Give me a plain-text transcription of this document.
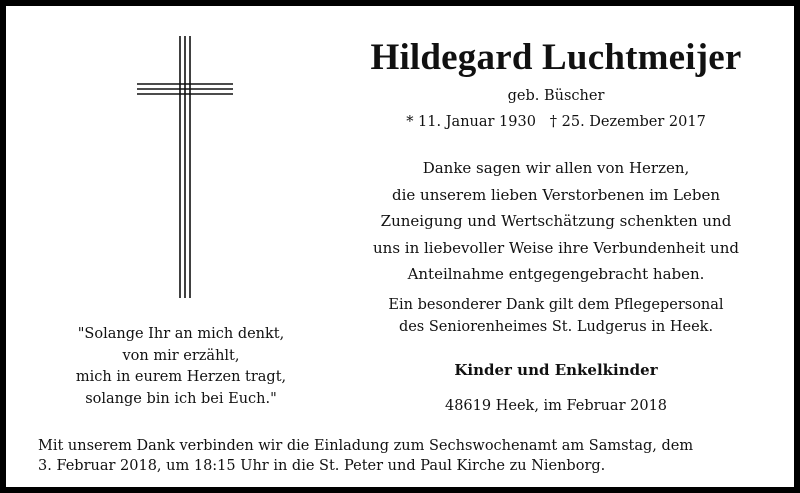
Hildegard Luchtmeijer
geb. Büscher
* 11. Januar 1930   † 25. Dezember 2017
Danke sagen wir allen von Herzen,
die unserem lieben Verstorbenen im Leben
Zuneigung und Wertschätzung schenkten und
uns in liebevoller Weise ihre Verbundenheit und
Anteilnahme entgegengebracht haben.
Ein besonderer Dank gilt dem Pflegepersonal
des Seniorenheimes St. Ludgerus in Heek.
Kinder und Enkelkinder
48619 Heek, im Februar 2018
"Solange Ihr an mich denkt,
von mir erzählt,
mich in eurem Herzen tragt,
solange bin ich bei Euch."
Mit unserem Dank verbinden wir die Einladung zum Sechswochenamt am Samstag, dem
3. Februar 2018, um 18:15 Uhr in die St. Peter und Paul Kirche zu Nienborg.
